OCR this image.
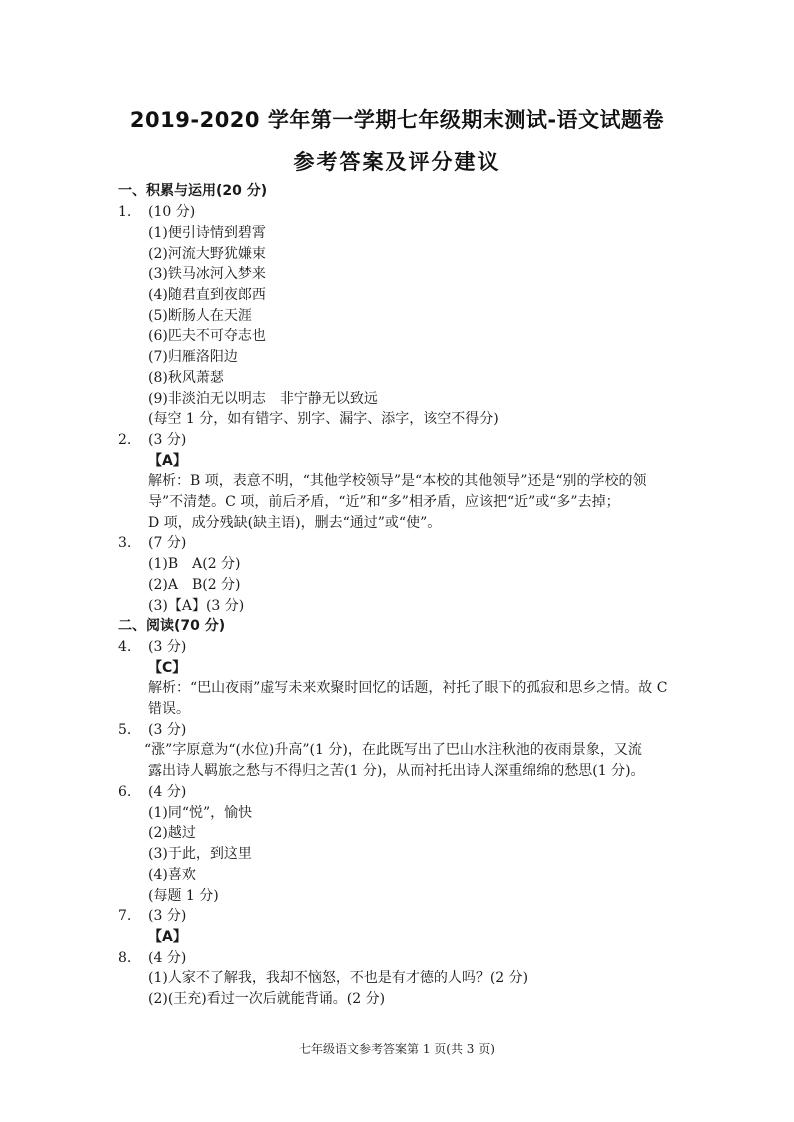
2019-2020 学年第一学期七年级期末测试-语文试题卷
参考答案及评分建议
一、积累与运用(20 分)
1. (10 分)
(1)便引诗情到碧霄
(2)河流大野犹嫌束
(3)铁马冰河入梦来
(4)随君直到夜郎西
(5)断肠人在天涯
(6)匹夫不可夺志也
(7)归雁洛阳边
(8)秋风萧瑟
(9)非淡泊无以明志　非宁静无以致远
(每空 1 分，如有错字、别字、漏字、添字，该空不得分)
2. (3 分)
【A】
解析：B 项，表意不明，“其他学校领导”是“本校的其他领导”还是“别的学校的领
导”不清楚。C 项，前后矛盾，“近”和“多”相矛盾，应该把“近”或“多”去掉；
D 项，成分残缺(缺主语)，删去“通过”或“使”。
3. (7 分)
(1)B　A(2 分)
(2)A　B(2 分)
(3)【A】(3 分)
二、阅读(70 分)
4. (3 分)
【C】
解析：“巴山夜雨”虚写未来欢聚时回忆的话题，衬托了眼下的孤寂和思乡之情。故 C
错误。
5. (3 分)
“涨”字原意为“(水位)升高”(1 分)，在此既写出了巴山水注秋池的夜雨景象，又流
露出诗人羁旅之愁与不得归之苦(1 分)，从而衬托出诗人深重绵绵的愁思(1 分)。
6. (4 分)
(1)同“悦”，愉快
(2)越过
(3)于此，到这里
(4)喜欢
(每题 1 分)
7. (3 分)
【A】
8. (4 分)
(1)人家不了解我，我却不恼怒，不也是有才德的人吗？(2 分)
(2)(王充)看过一次后就能背诵。(2 分)
七年级语文参考答案第 1 页(共 3 页)
